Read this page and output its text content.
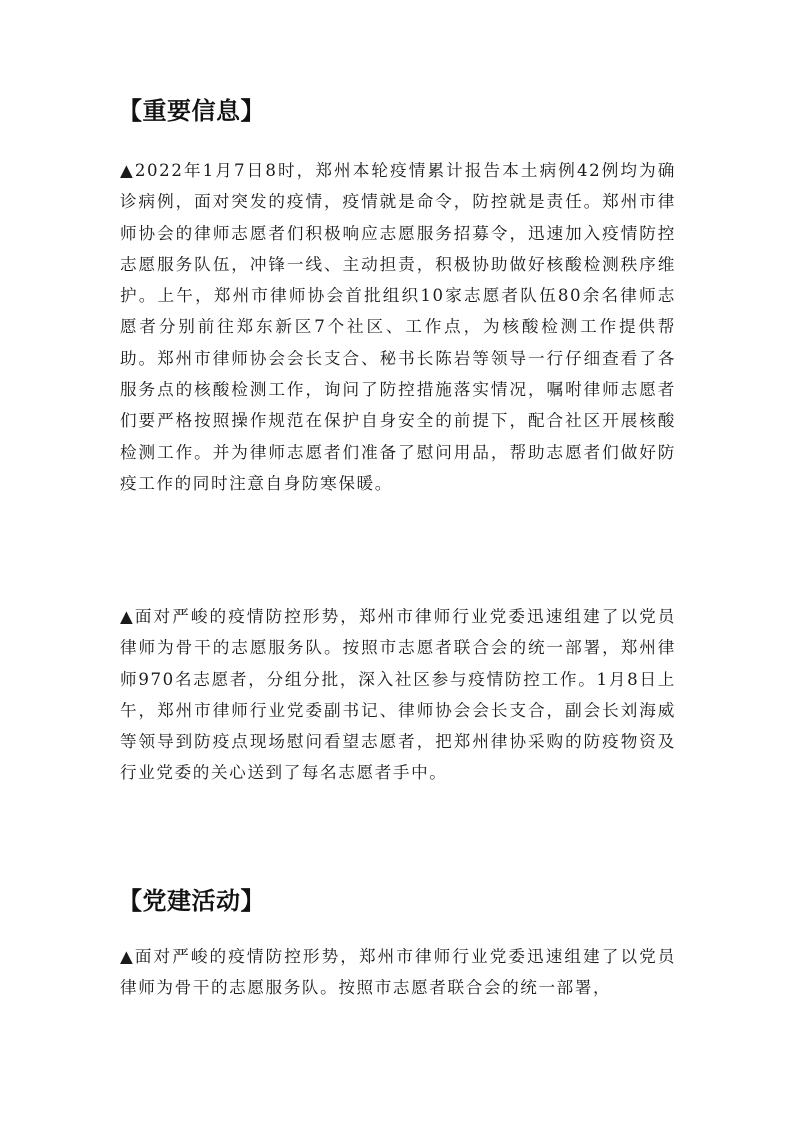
【重要信息】

▲2022年1月7日8时，郑州本轮疫情累计报告本土病例42例均为确诊病例，面对突发的疫情，疫情就是命令，防控就是责任。郑州市律师协会的律师志愿者们积极响应志愿服务招募令，迅速加入疫情防控志愿服务队伍，冲锋一线、主动担责，积极协助做好核酸检测秩序维护。上午，郑州市律师协会首批组织10家志愿者队伍80余名律师志愿者分别前往郑东新区7个社区、工作点，为核酸检测工作提供帮助。郑州市律师协会会长支合、秘书长陈岩等领导一行仔细查看了各服务点的核酸检测工作，询问了防控措施落实情况，嘱咐律师志愿者们要严格按照操作规范在保护自身安全的前提下，配合社区开展核酸检测工作。并为律师志愿者们准备了慰问用品，帮助志愿者们做好防疫工作的同时注意自身防寒保暖。

▲面对严峻的疫情防控形势，郑州市律师行业党委迅速组建了以党员律师为骨干的志愿服务队。按照市志愿者联合会的统一部署，郑州律师970名志愿者，分组分批，深入社区参与疫情防控工作。1月8日上午，郑州市律师行业党委副书记、律师协会会长支合，副会长刘海威等领导到防疫点现场慰问看望志愿者，把郑州律协采购的防疫物资及行业党委的关心送到了每名志愿者手中。

【党建活动】

▲面对严峻的疫情防控形势，郑州市律师行业党委迅速组建了以党员律师为骨干的志愿服务队。按照市志愿者联合会的统一部署，
